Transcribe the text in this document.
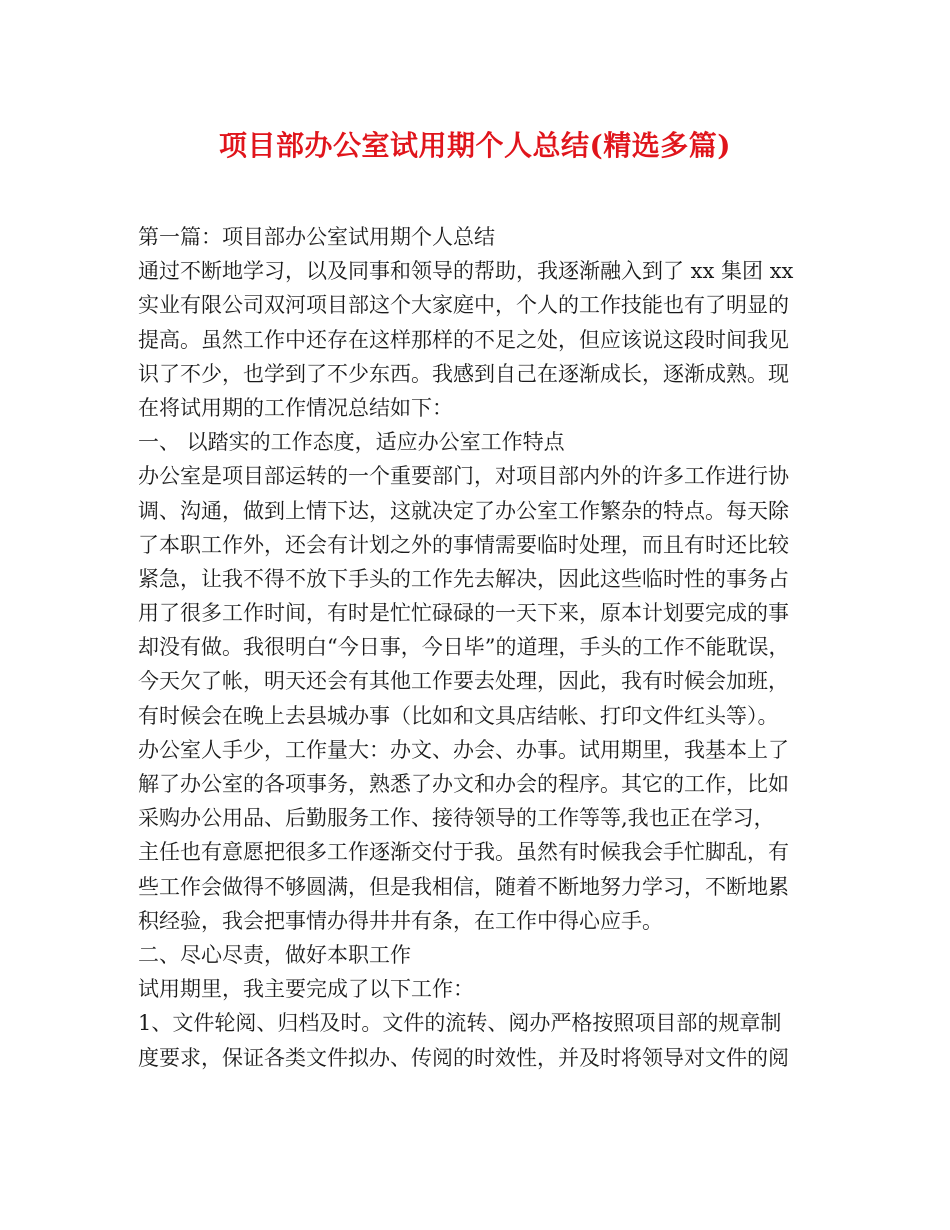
项目部办公室试用期个人总结(精选多篇)
第一篇：项目部办公室试用期个人总结
通过不断地学习，以及同事和领导的帮助，我逐渐融入到了 xx 集团 xx
实业有限公司双河项目部这个大家庭中，个人的工作技能也有了明显的
提高。虽然工作中还存在这样那样的不足之处，但应该说这段时间我见
识了不少，也学到了不少东西。我感到自己在逐渐成长，逐渐成熟。现
在将试用期的工作情况总结如下：
一、 以踏实的工作态度，适应办公室工作特点
办公室是项目部运转的一个重要部门，对项目部内外的许多工作进行协
调、沟通，做到上情下达，这就决定了办公室工作繁杂的特点。每天除
了本职工作外，还会有计划之外的事情需要临时处理，而且有时还比较
紧急，让我不得不放下手头的工作先去解决，因此这些临时性的事务占
用了很多工作时间，有时是忙忙碌碌的一天下来，原本计划要完成的事
却没有做。我很明白“今日事，今日毕”的道理，手头的工作不能耽误，
今天欠了帐，明天还会有其他工作要去处理，因此，我有时候会加班，
有时候会在晚上去县城办事（比如和文具店结帐、打印文件红头等）。
办公室人手少，工作量大：办文、办会、办事。试用期里，我基本上了
解了办公室的各项事务，熟悉了办文和办会的程序。其它的工作，比如
采购办公用品、后勤服务工作、接待领导的工作等等,我也正在学习，
主任也有意愿把很多工作逐渐交付于我。虽然有时候我会手忙脚乱，有
些工作会做得不够圆满，但是我相信，随着不断地努力学习，不断地累
积经验，我会把事情办得井井有条，在工作中得心应手。
二、尽心尽责，做好本职工作
试用期里，我主要完成了以下工作：
1、文件轮阅、归档及时。文件的流转、阅办严格按照项目部的规章制
度要求，保证各类文件拟办、传阅的时效性，并及时将领导对文件的阅
